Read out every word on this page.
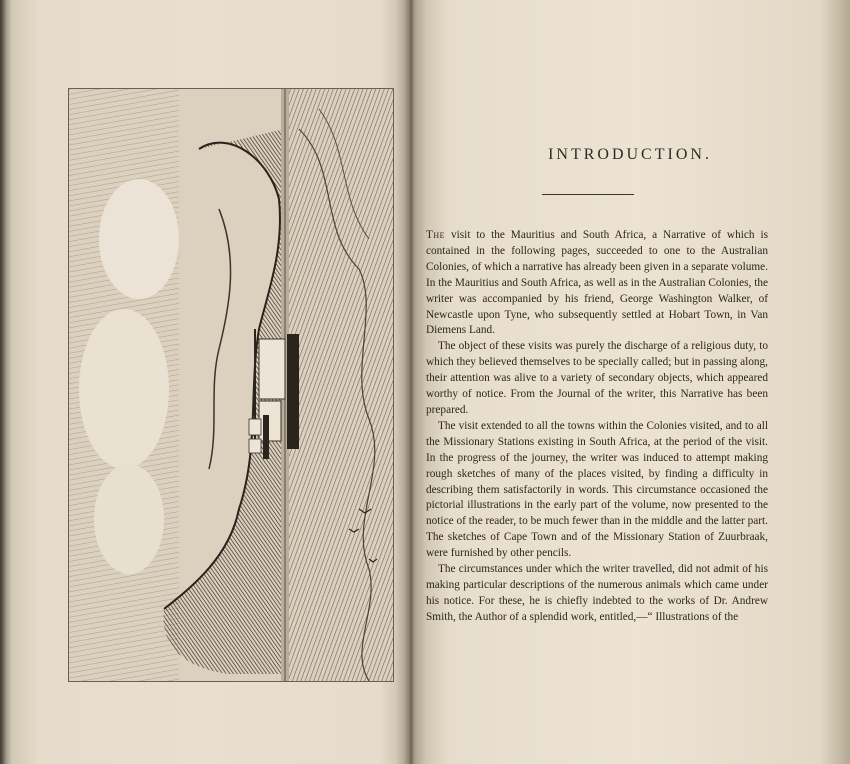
INTRODUCTION.

The visit to the Mauritius and South Africa, a Narrative of which is contained in the following pages, succeeded to one to the Australian Colonies, of which a narrative has already been given in a separate volume. In the Mauritius and South Africa, as well as in the Australian Colonies, the writer was accompanied by his friend, George Washington Walker, of Newcastle upon Tyne, who subsequently settled at Hobart Town, in Van Diemens Land.

The object of these visits was purely the discharge of a religious duty, to which they believed themselves to be specially called; but in passing along, their attention was alive to a variety of secondary objects, which appeared worthy of notice. From the Journal of the writer, this Narrative has been prepared.

The visit extended to all the towns within the Colonies visited, and to all the Missionary Stations existing in South Africa, at the period of the visit. In the progress of the journey, the writer was induced to attempt making rough sketches of many of the places visited, by finding a difficulty in describing them satisfactorily in words. This circumstance occasioned the pictorial illustrations in the early part of the volume, now presented to the notice of the reader, to be much fewer than in the middle and the latter part. The sketches of Cape Town and of the Missionary Station of Zuurbraak, were furnished by other pencils.

The circumstances under which the writer travelled, did not admit of his making particular descriptions of the numerous animals which came under his notice. For these, he is chiefly indebted to the works of Dr. Andrew Smith, the Author of a splendid work, entitled,—“ Illustrations of the
